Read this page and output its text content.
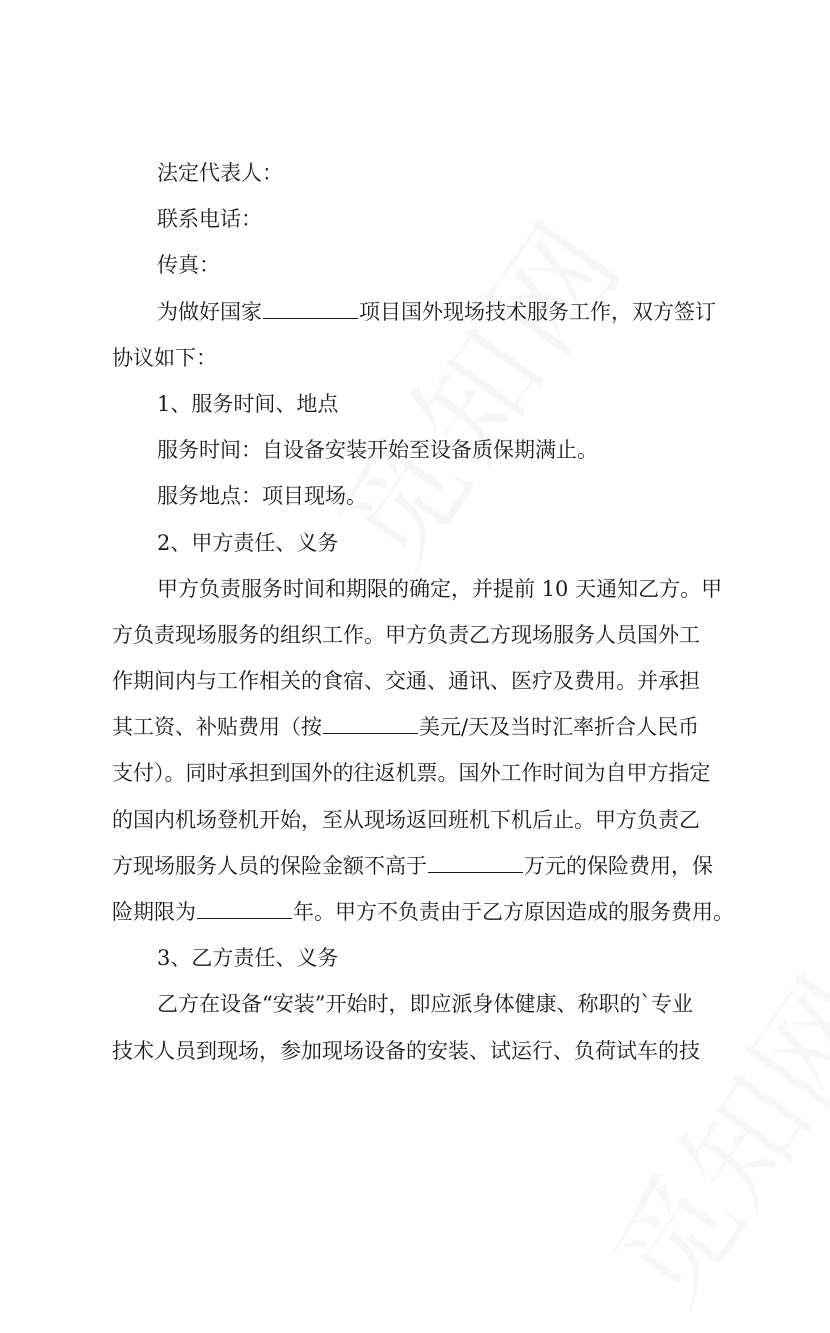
法定代表人：
联系电话：
传真：
为做好国家	项目国外现场技术服务工作，双方签订
协议如下：
1、服务时间、地点
服务时间：自设备安装开始至设备质保期满止。
服务地点：项目现场。
2、甲方责任、义务
甲方负责服务时间和期限的确定，并提前 10 天通知乙方。甲
方负责现场服务的组织工作。甲方负责乙方现场服务人员国外工
作期间内与工作相关的食宿、交通、通讯、医疗及费用。并承担
其工资、补贴费用（按	美元/天及当时汇率折合人民币
支付）。同时承担到国外的往返机票。国外工作时间为自甲方指定
的国内机场登机开始，至从现场返回班机下机后止。甲方负责乙
方现场服务人员的保险金额不高于	万元的保险费用，保
险期限为	年。甲方不负责由于乙方原因造成的服务费用。
3、乙方责任、义务
乙方在设备“安装”开始时，即应派身体健康、称职的`专业
技术人员到现场，参加现场设备的安装、试运行、负荷试车的技
